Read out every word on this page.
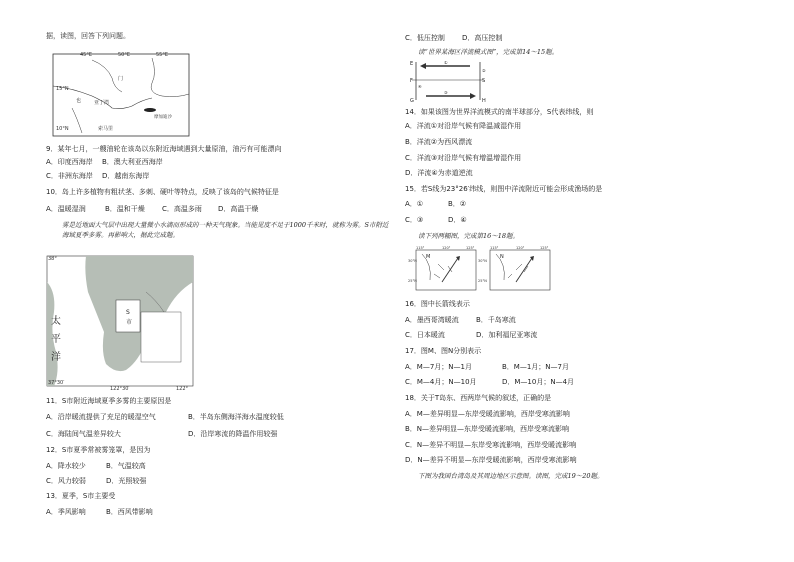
据，读图，回答下列问题。
45°E	50°E	55°E
15°N
10°N
亚丁湾
索马里
摩加迪沙
门
也
9．某年七月，一艘油轮在该岛以东附近海域遇到大量原油，油污有可能漂向
A．印度西海岸 B．澳大利亚西海岸
C．非洲东海岸 D．越南东海岸
10．岛上许多植物有粗状茎、多刺、硬叶等特点，反映了该岛的气候特征是
A．温暖湿润	B．温和干燥 C．高温多雨 D．高温干燥
雾是近地面大气层中出现大量微小水滴而形成的一种天气现象。当能见度不足于1000千米时，就称为雾。S市附近海域夏季多雾。再影响大，据此完成题。
38°
太
平
洋
S
市
37°30′
122°30′	122°
11．S市附近海域夏季多雾的主要原因是
A．沿岸暖流提供了充足的暖湿空气	B．半岛东侧海洋海水温度较低
C．海陆间气温差异较大	D．沿岸寒流的降温作用较强
12．S市夏季常被雾笼罩，是因为
A．降水较少	B．气温较高
C．风力较弱	D．光照较强
13．夏季，S市主要受
A．季风影响	B．西风带影响
C．低压控制 D．高压控制
读“世界某海区洋流模式图”，完成第14～15题。
E
F
G	H
①
②
③
④
S
14．如果该图为世界洋流模式的南半球部分，S代表纬线，则
A．洋流①对沿岸气候有降温减湿作用
B．洋流②为西风漂流
C．洋流③对沿岸气候有增温增湿作用
D．洋流④为赤道逆流
15．若S线为23°26′纬线，则图中洋流附近可能会形成渔场的是
A．①	B．②
C．③	D．④
读下列两幅图，完成第16～18题。
M	N
115°	120°	125°	115°	120°	125°
30°N
25°N
30°N
25°N
16．图中长箭线表示
A．墨西哥湾暖流 B．千岛寒流
C．日本暖流	D．加利福尼亚寒流
17．图M、图N分别表示
A．M—7月；N—1月	B．M—1月；N—7月
C．M—4月；N—10月	D．M—10月；N—4月
18．关于T岛东、西两岸气候的叙述，正确的是
A．M—差异明显—东岸受暖流影响，西岸受寒流影响
B．N—差异明显—东岸受暖流影响，西岸受寒流影响
C．N—差异不明显—东岸受寒流影响，西岸受暖流影响
D．N—差异不明显—东岸受暖流影响，西岸受寒流影响
下图为我国台湾岛及其周边地区示意图。读图，完成19～20题。
